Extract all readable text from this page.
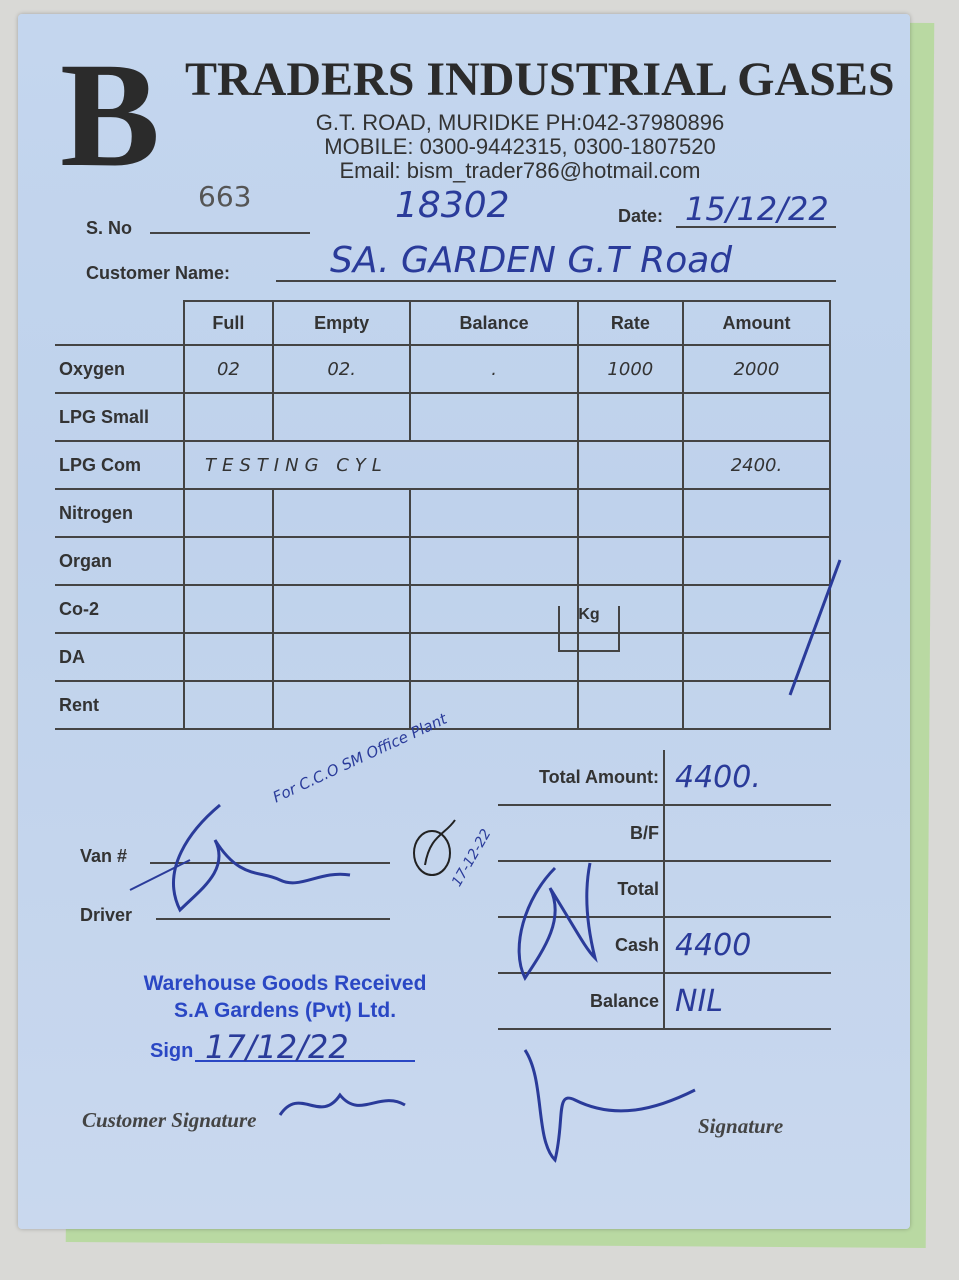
B TRADERS INDUSTRIAL GASES
G.T. ROAD, MURIDKE PH:042-37980896
MOBILE: 0300-9442315, 0300-1807520
Email: bism_trader786@hotmail.com
663
S. No
18302	Date: 15/12/22
Customer Name:	SA. GARDEN G.T Road
	Full	Empty	Balance	Rate	Amount
Oxygen	02	02.	.	1000	2000
LPG Small					
LPG Com	TESTING CYL				2400.
Nitrogen					
Organ					
Co-2					
DA					
Rent					
Kg
Total Amount:	4400.
B/F	
Total	
Cash	4400
Balance	NIL
Van #
Driver
For C.C.O SM Office Plant
17-12-22
Warehouse Goods Received
S.A Gardens (Pvt) Ltd.
Sign 17/12/22
Customer Signature	Signature
